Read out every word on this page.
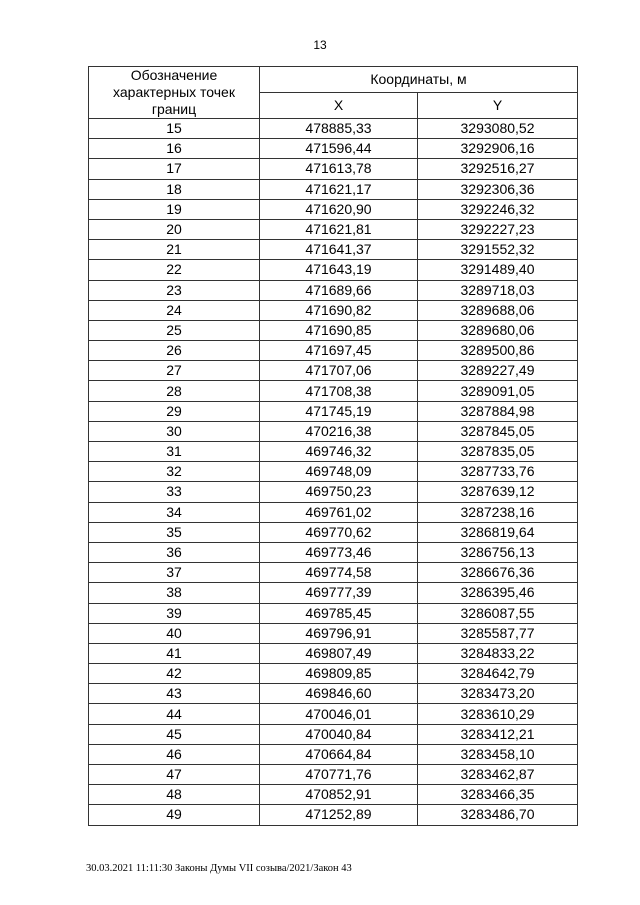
13
Обозначение характерных точек границ	Координаты, м	
	X	Y
15	478885,33	3293080,52
16	471596,44	3292906,16
17	471613,78	3292516,27
18	471621,17	3292306,36
19	471620,90	3292246,32
20	471621,81	3292227,23
21	471641,37	3291552,32
22	471643,19	3291489,40
23	471689,66	3289718,03
24	471690,82	3289688,06
25	471690,85	3289680,06
26	471697,45	3289500,86
27	471707,06	3289227,49
28	471708,38	3289091,05
29	471745,19	3287884,98
30	470216,38	3287845,05
31	469746,32	3287835,05
32	469748,09	3287733,76
33	469750,23	3287639,12
34	469761,02	3287238,16
35	469770,62	3286819,64
36	469773,46	3286756,13
37	469774,58	3286676,36
38	469777,39	3286395,46
39	469785,45	3286087,55
40	469796,91	3285587,77
41	469807,49	3284833,22
42	469809,85	3284642,79
43	469846,60	3283473,20
44	470046,01	3283610,29
45	470040,84	3283412,21
46	470664,84	3283458,10
47	470771,76	3283462,87
48	470852,91	3283466,35
49	471252,89	3283486,70
30.03.2021 11:11:30 Законы Думы VII созыва/2021/Закон 43
